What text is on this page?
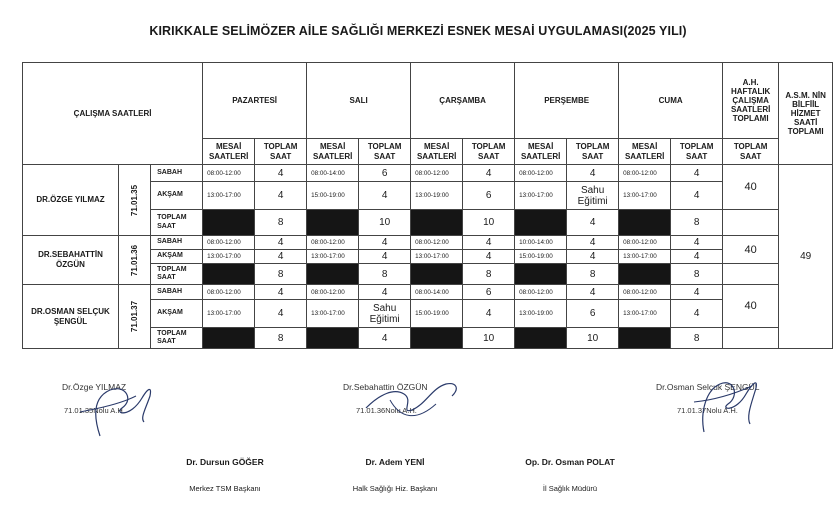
KIRIKKALE SELİMÖZER AİLE SAĞLIĞI MERKEZİ ESNEK MESAİ UYGULAMASI(2025 YILI)
ÇALIŞMA SAATLERİ			PAZARTESİ		SALI		ÇARŞAMBA		PERŞEMBE		CUMA		A.H. HAFTALIK ÇALIŞMA SAATLERİ TOPLAMI	A.S.M. NİN BİLFİİL HİZMET SAATİ TOPLAMI
			MESAİ SAATLERİ	TOPLAM SAAT	MESAİ SAATLERİ	TOPLAM SAAT	MESAİ SAATLERİ	TOPLAM SAAT	MESAİ SAATLERİ	TOPLAM SAAT	MESAİ SAATLERİ	TOPLAM SAAT	TOPLAM SAAT	
DR.ÖZGE YILMAZ	71.01.35	SABAH	08:00-12:00	4	08:00-14:00	6	08:00-12:00	4	08:00-12:00	4	08:00-12:00	4	40	49
		AKŞAM	13:00-17:00	4	15:00-19:00	4	13:00-19:00	6	13:00-17:00	Sahu Eğitimi	13:00-17:00	4		
		TOPLAM SAAT		8		10		10		4		8		
DR.SEBAHATTİN ÖZGÜN	71.01.36	SABAH	08:00-12:00	4	08:00-12:00	4	08:00-12:00	4	10:00-14:00	4	08:00-12:00	4	40	
		AKŞAM	13:00-17:00	4	13:00-17:00	4	13:00-17:00	4	15:00-19:00	4	13:00-17:00	4		
		TOPLAM SAAT		8		8		8		8		8		
DR.OSMAN SELÇUK ŞENGÜL	71.01.37	SABAH	08:00-12:00	4	08:00-12:00	4	08:00-14:00	6	08:00-12:00	4	08:00-12:00	4	40	
		AKŞAM	13:00-17:00	4	13:00-17:00	Sahu Eğitimi	15:00-19:00	4	13:00-19:00	6	13:00-17:00	4		
		TOPLAM SAAT		8		4		10		10		8		
Dr.Özge YILMAZ
71.01.35Nolu A.H.
Dr.Sebahattin ÖZGÜN
71.01.36Nolu A.H.
Dr.Osman Selçuk ŞENGÜL
71.01.37Nolu A.H.
Dr. Dursun GÖĞER
Merkez TSM Başkanı
Dr. Adem YENİ
Halk Sağlığı Hiz. Başkanı
Op. Dr. Osman POLAT
İl Sağlık Müdürü
